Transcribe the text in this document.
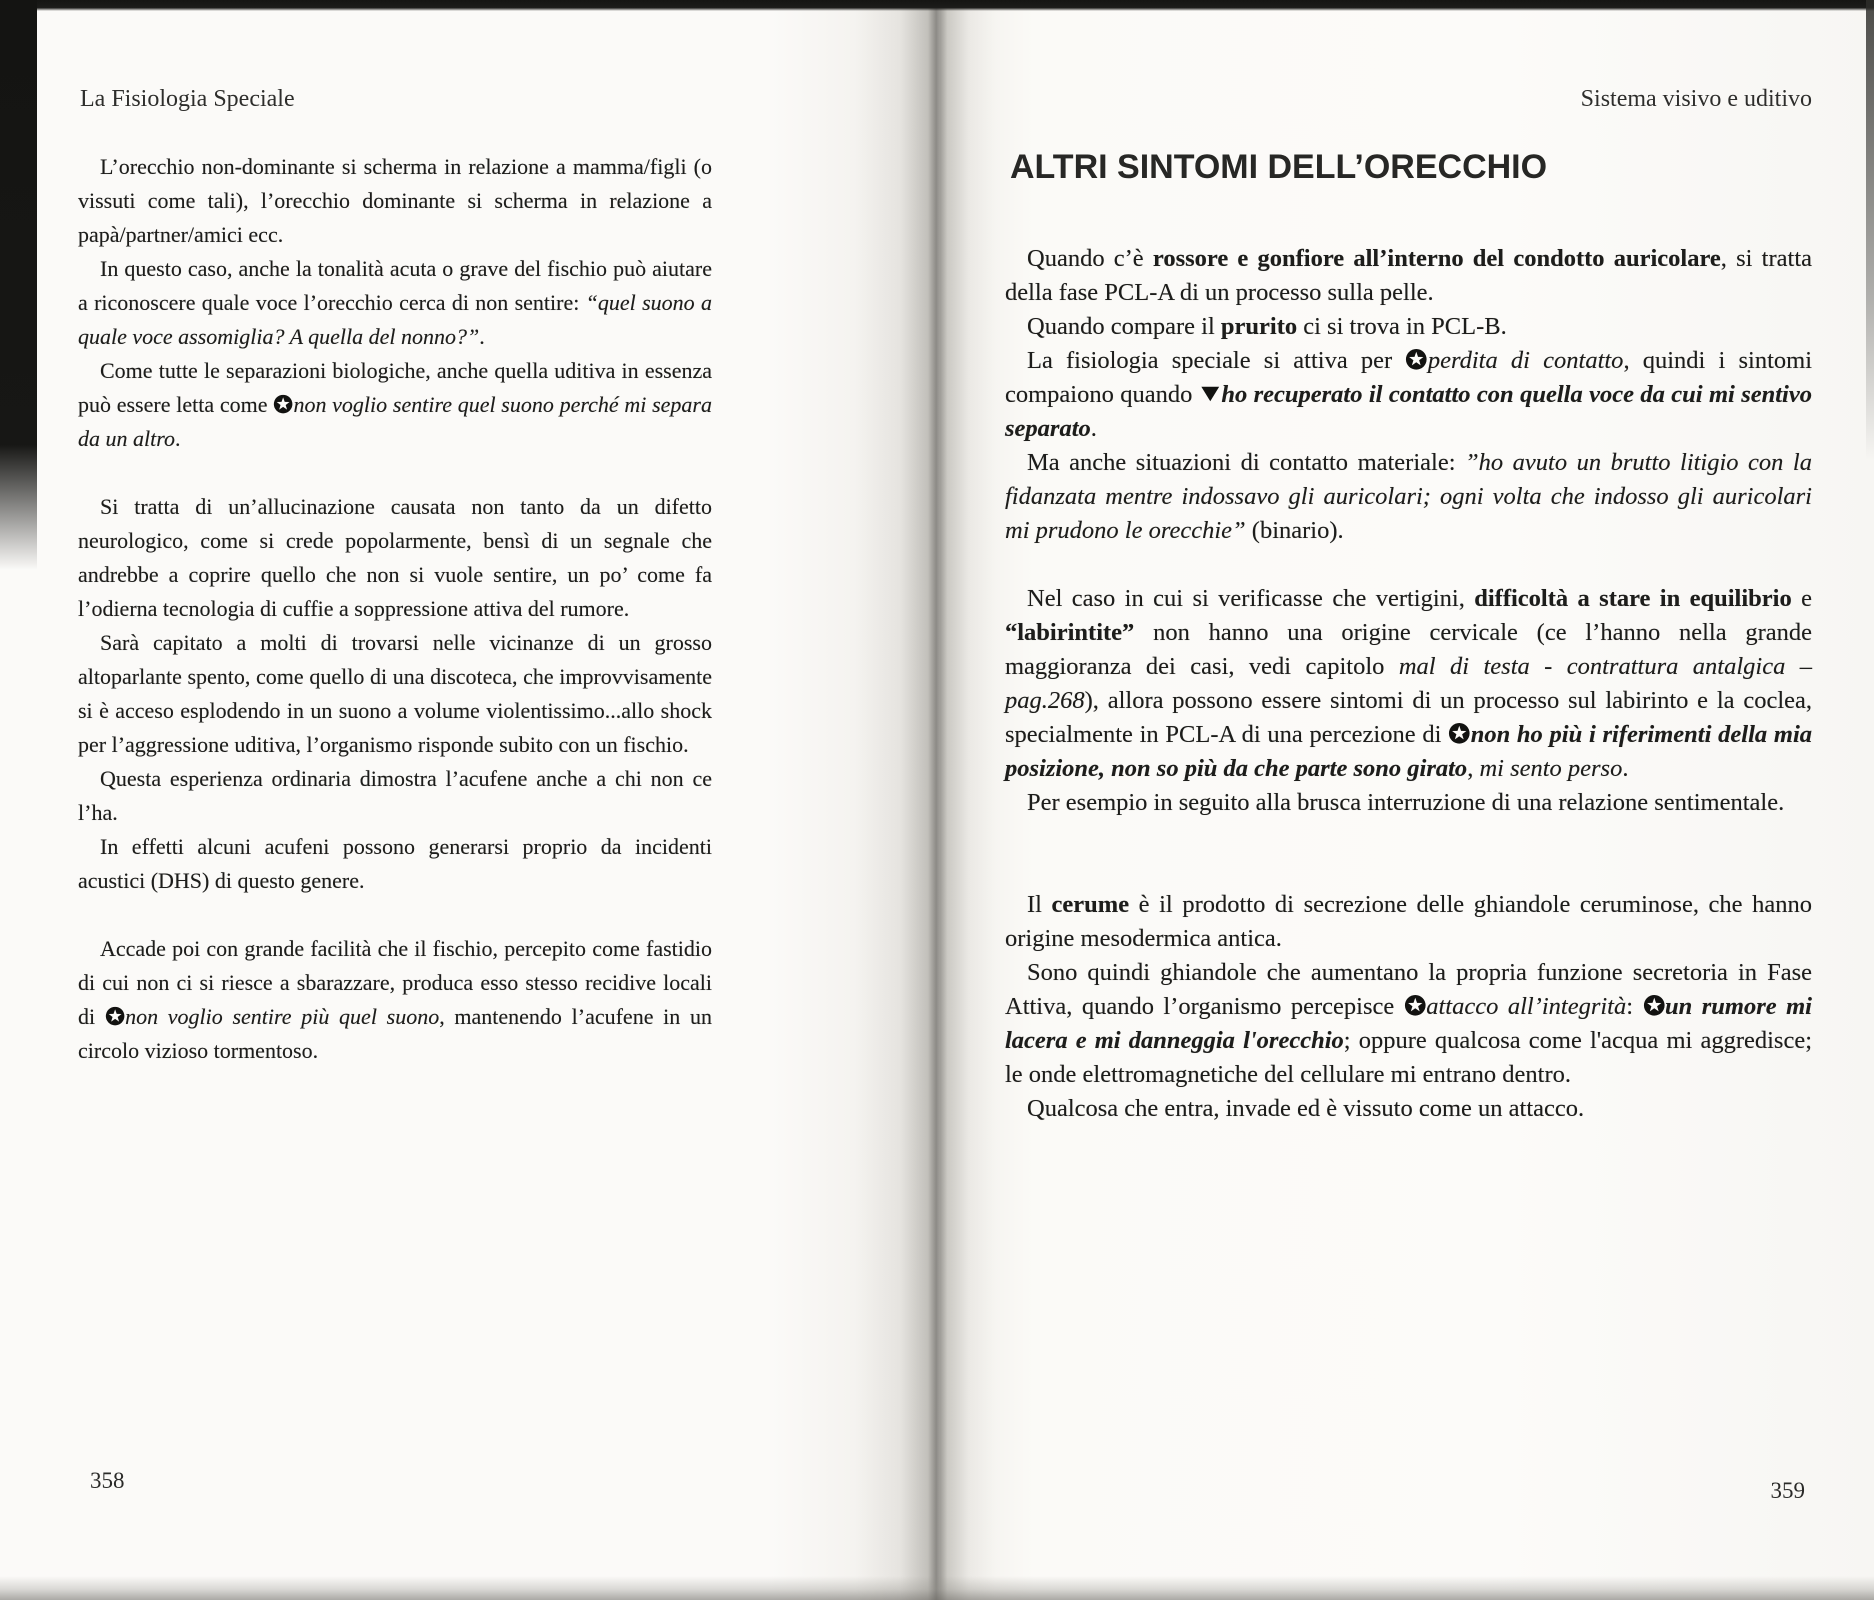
La Fisiologia Speciale	Sistema visivo e uditivo
ALTRI SINTOMI DELL’ORECCHIO

L’orecchio non-dominante si scherma in relazione a mamma/figli (o vissuti come tali), l’orecchio dominante si scherma in relazione a papà/partner/amici ecc.

In questo caso, anche la tonalità acuta o grave del fischio può aiutare a riconoscere quale voce l’orecchio cerca di non sentire: “quel suono a quale voce assomiglia? A quella del nonno?”.

Come tutte le separazioni biologiche, anche quella uditiva in essenza può essere letta come
non voglio sentire quel suono perché mi separa da un altro.

Si tratta di un’allucinazione causata non tanto da un difetto neurologico, come si crede popolarmente, bensì di un segnale che andrebbe a coprire quello che non si vuole sentire, un po’ come fa l’odierna tecnologia di cuffie a soppressione attiva del rumore.

Sarà capitato a molti di trovarsi nelle vicinanze di un grosso altoparlante spento, come quello di una discoteca, che improvvisamente si è acceso esplodendo in un suono a volume violentissimo...allo shock per l’aggressione uditiva, l’organismo risponde subito con un fischio.

Questa esperienza ordinaria dimostra l’acufene anche a chi non ce l’ha.

In effetti alcuni acufeni possono generarsi proprio da incidenti acustici (DHS) di questo genere.

Accade poi con grande facilità che il fischio, percepito come fastidio di cui non ci si riesce a sbarazzare, produca esso stesso recidive locali di
non voglio sentire più quel suono, mantenendo l’acufene in un circolo vizioso tormentoso.

Quando c’è rossore e gonfiore all’interno del condotto auricolare, si tratta della fase PCL-A di un processo sulla pelle.

Quando compare il prurito ci si trova in PCL-B.

La fisiologia speciale si attiva per
perdita di contatto, quindi i sintomi compaiono quando
ho recuperato il contatto con quella voce da cui mi sentivo separato.

Ma anche situazioni di contatto materiale: ”ho avuto un brutto litigio con la fidanzata mentre indossavo gli auricolari; ogni volta che indosso gli auricolari mi prudono le orecchie” (binario).

Nel caso in cui si verificasse che vertigini, difficoltà a stare in equilibrio e “labirintite” non hanno una origine cervicale (ce l’hanno nella grande maggioranza dei casi, vedi capitolo mal di testa - contrattura antalgica – pag.268), allora possono essere sintomi di un processo sul labirinto e la coclea, specialmente in PCL-A di una percezione di
non ho più i riferimenti della mia posizione, non so più da che parte sono girato, mi sento perso.

Per esempio in seguito alla brusca interruzione di una relazione sentimentale.

Il cerume è il prodotto di secrezione delle ghiandole ceruminose, che hanno origine mesodermica antica.

Sono quindi ghiandole che aumentano la propria funzione secretoria in Fase Attiva, quando l’organismo percepisce
attacco all’integrità:
un rumore mi lacera e mi danneggia l'orecchio; oppure qualcosa come l'acqua mi aggredisce; le onde elettromagnetiche del cellulare mi entrano dentro.

Qualcosa che entra, invade ed è vissuto come un attacco.

358	359
